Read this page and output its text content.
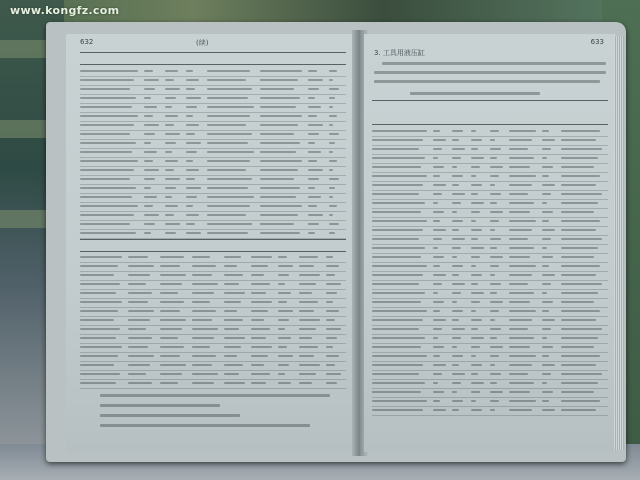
www.kongfz.com
632	(续)	633
3. 工具用液压缸
